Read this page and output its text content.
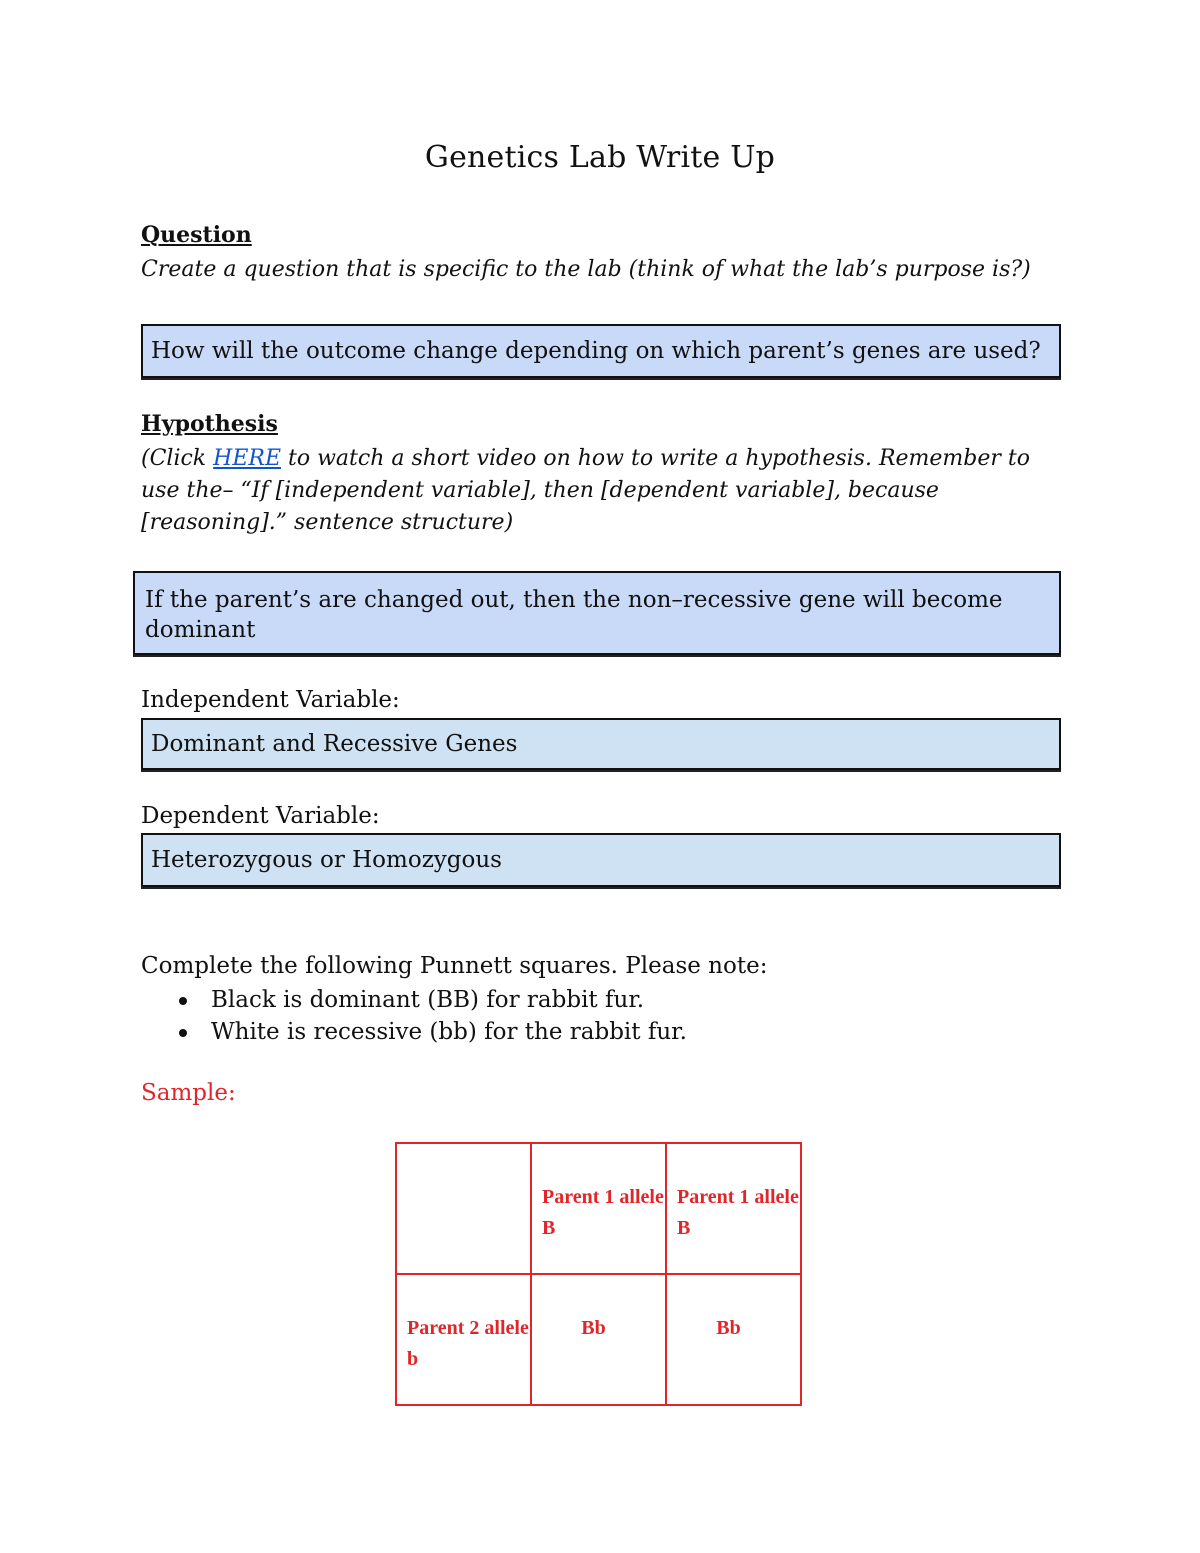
Genetics Lab Write Up
Question
Create a question that is specific to the lab (think of what the lab’s purpose is?)
How will the outcome change depending on which parent’s genes are used?
Hypothesis
(Click HERE to watch a short video on how to write a hypothesis. Remember to use the– “If [independent variable], then [dependent variable], because [reasoning].” sentence structure)
If the parent’s are changed out, then the non–recessive gene will become dominant
Independent Variable:
Dominant and Recessive Genes
Dependent Variable:
Heterozygous or Homozygous
Complete the following Punnett squares. Please note:
Black is dominant (BB) for rabbit fur.
White is recessive (bb) for the rabbit fur.
Sample:

	Parent 1 allele B	Parent 1 allele B

Parent 2 allele b	Bb	Bb
